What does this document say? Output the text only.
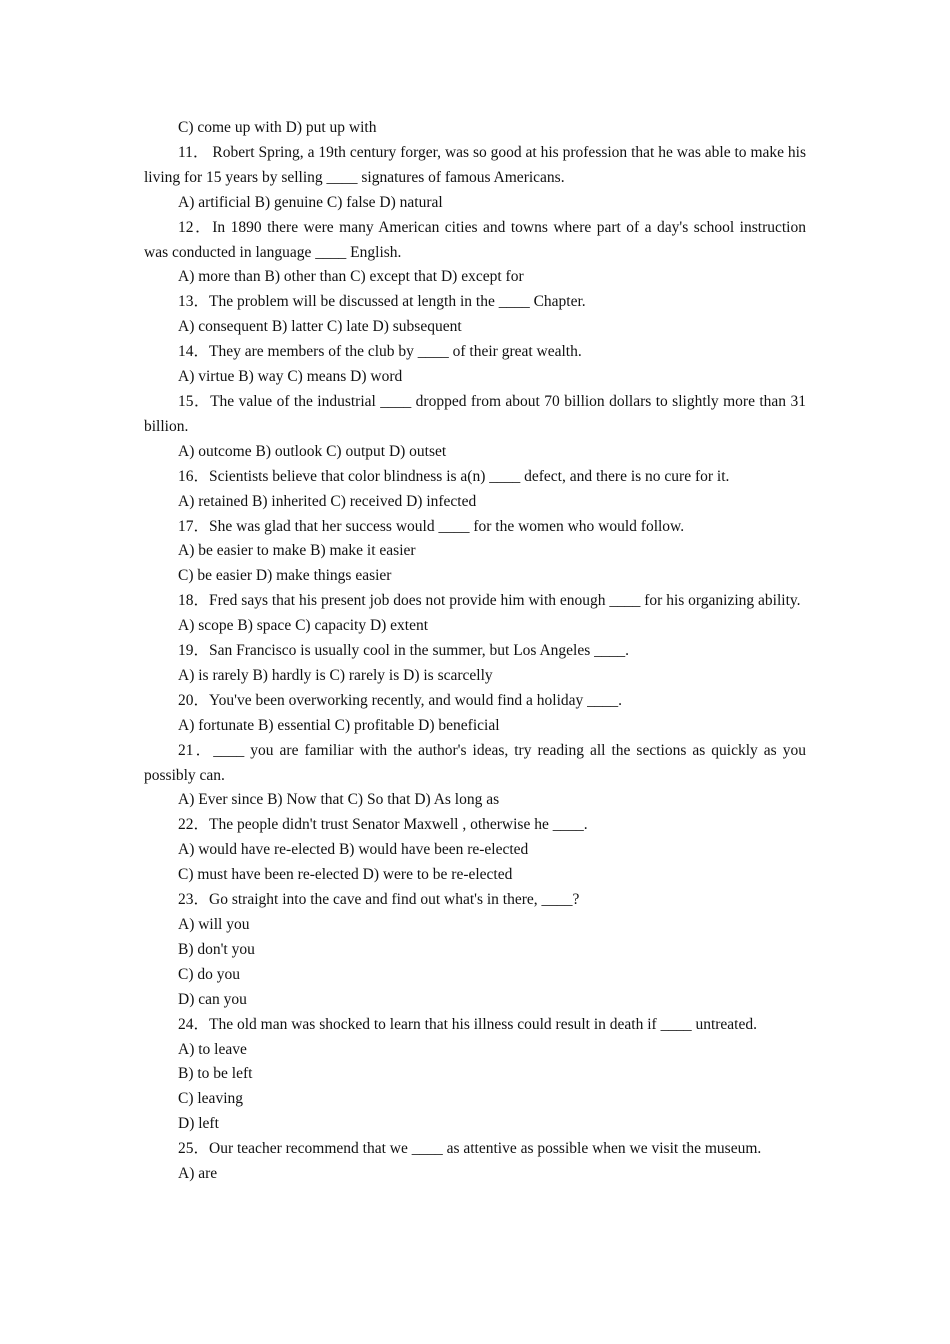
C) come up with D) put up with
11． Robert Spring, a 19th century forger, was so good at his profession that he was able to make his living for 15 years by selling ____ signatures of famous Americans.
A) artificial B) genuine C) false D) natural
12．In 1890 there were many American cities and towns where part of a day's school instruction was conducted in language ____ English.
A) more than B) other than C) except that D) except for
13．The problem will be discussed at length in the ____ Chapter.
A) consequent B) latter C) late D) subsequent
14．They are members of the club by ____ of their great wealth.
A) virtue B) way C) means D) word
15．The value of the industrial ____ dropped from about 70 billion dollars to slightly more than 31 billion.
A) outcome B) outlook C) output D) outset
16．Scientists believe that color blindness is a(n) ____ defect, and there is no cure for it.
A) retained B) inherited C) received D) infected
17．She was glad that her success would ____ for the women who would follow.
A) be easier to make B) make it easier
C) be easier D) make things easier
18．Fred says that his present job does not provide him with enough ____ for his organizing ability.
A) scope B) space C) capacity D) extent
19．San Francisco is usually cool in the summer, but Los Angeles ____.
A) is rarely B) hardly is C) rarely is D) is scarcelly
20．You've been overworking recently, and would find a holiday ____.
A) fortunate B) essential C) profitable D) beneficial
21．____ you are familiar with the author's ideas, try reading all the sections as quickly as you possibly can.
A) Ever since B) Now that C) So that D) As long as
22．The people didn't trust Senator Maxwell , otherwise he ____.
A) would have re-elected B) would have been re-elected
C) must have been re-elected D) were to be re-elected
23．Go straight into the cave and find out what's in there, ____?
A) will you
B) don't you
C) do you
D) can you
24．The old man was shocked to learn that his illness could result in death if ____ untreated.
A) to leave
B) to be left
C) leaving
D) left
25．Our teacher recommend that we ____ as attentive as possible when we visit the museum.
A) are
